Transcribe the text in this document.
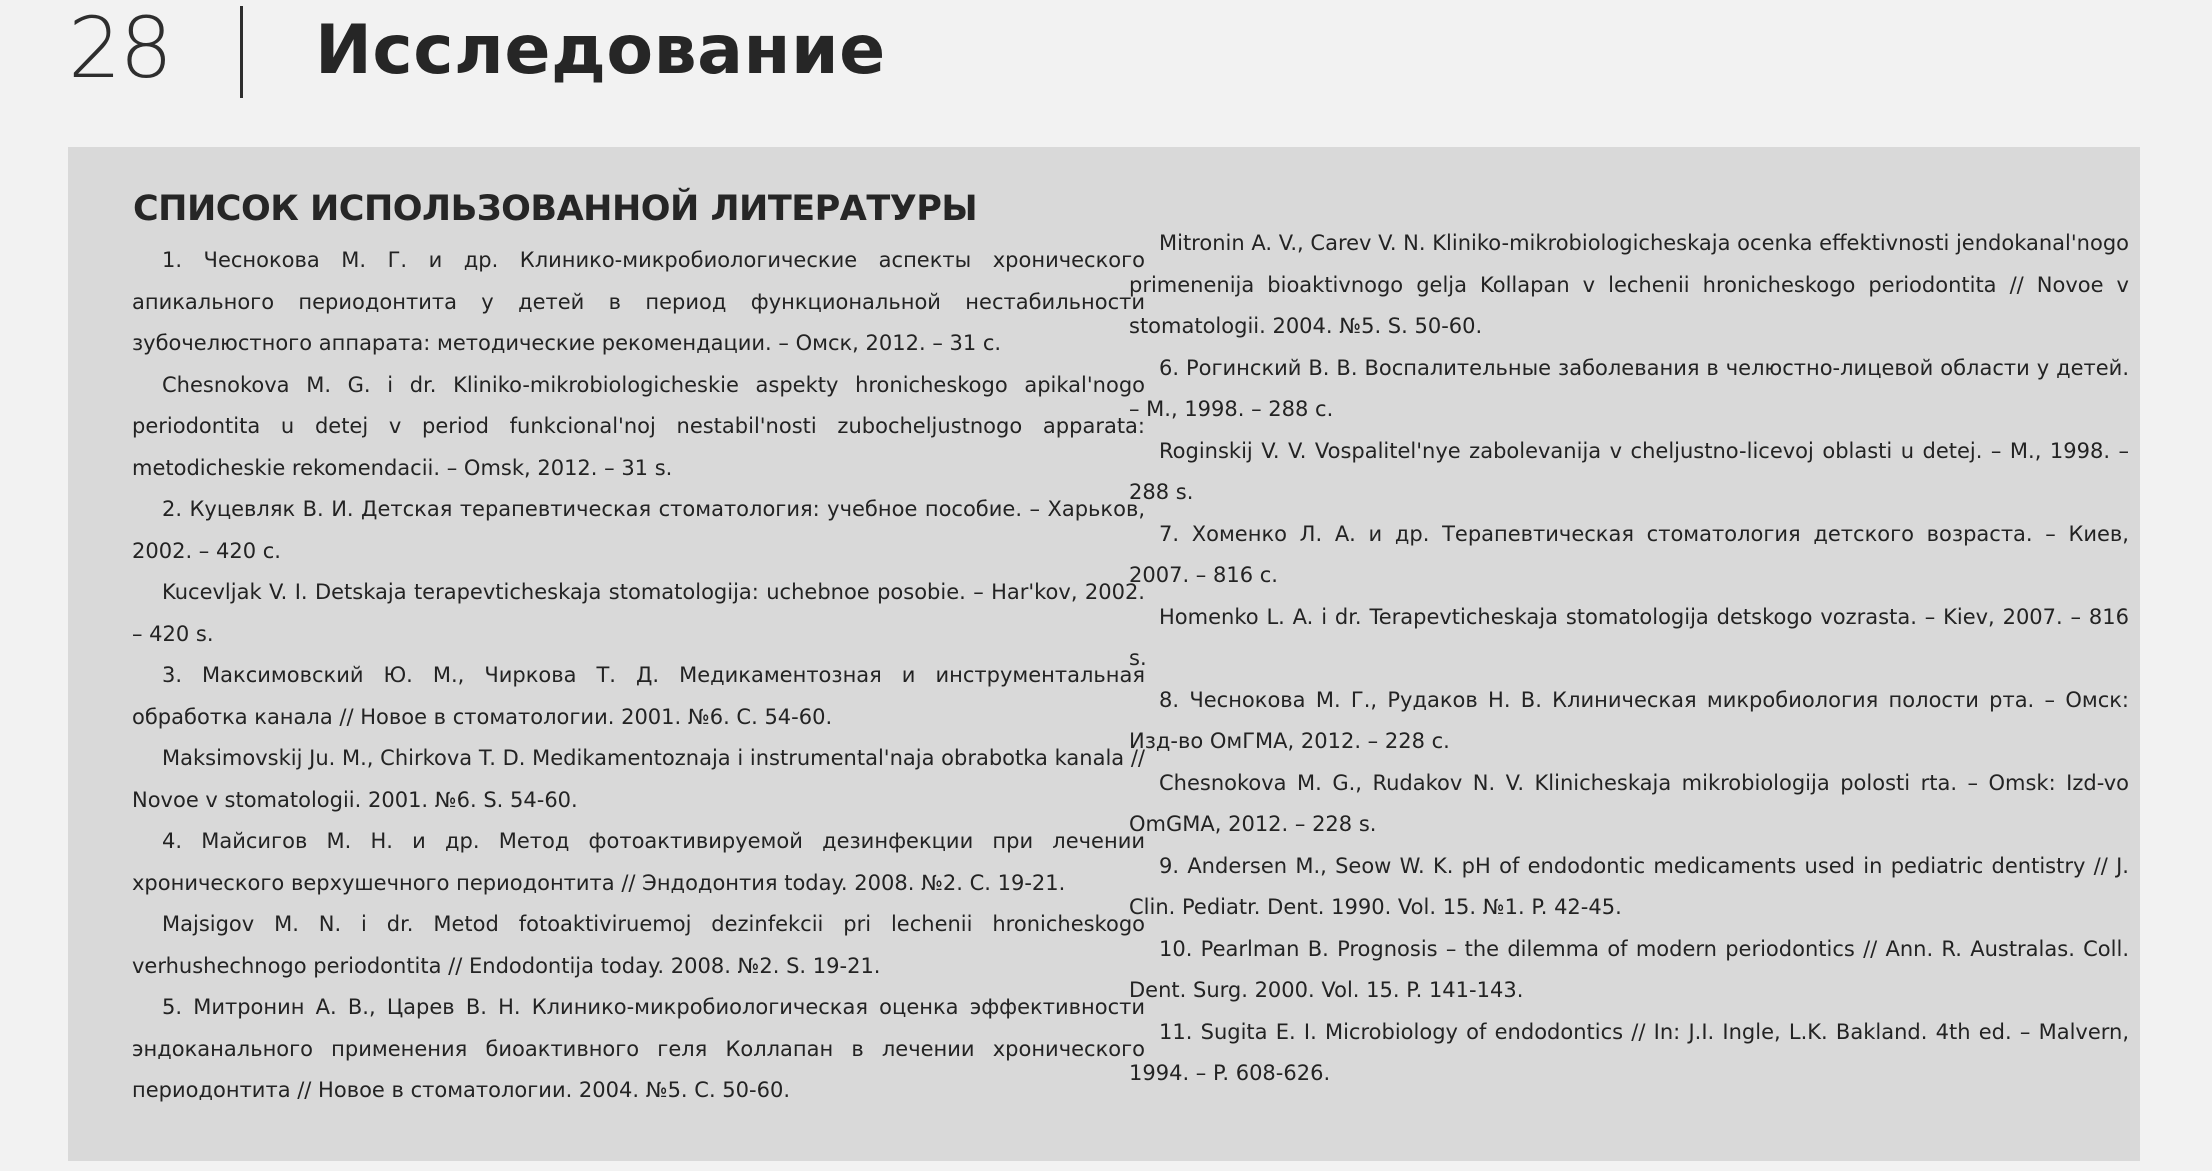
28 Исследование
СПИСОК ИСПОЛЬЗОВАННОЙ ЛИТЕРАТУРЫ

1. Чеснокова М. Г. и др. Клинико-микробиологические аспекты хронического апикального периодонтита у детей в период функциональной нестабильности зубочелюстного аппарата: методические рекомендации. – Омск, 2012. – 31 с.

Chesnokova M. G. i dr. Kliniko-mikrobiologicheskie aspekty hronicheskogo apikal'nogo periodontita u detej v period funkcional'noj nestabil'nosti zubocheljustnogo apparata: metodicheskie rekomendacii. – Omsk, 2012. – 31 s.

2. Куцевляк В. И. Детская терапевтическая стоматология: учебное пособие. – Харьков, 2002. – 420 с.

Kucevljak V. I. Detskaja terapevticheskaja stomatologija: uchebnoe posobie. – Har'kov, 2002. – 420 s.

3. Максимовский Ю. М., Чиркова Т. Д. Медикаментозная и инструментальная обработка канала // Новое в стоматологии. 2001. №6. С. 54-60.

Maksimovskij Ju. M., Chirkova T. D. Medikamentoznaja i instrumental'naja obrabotka kanala // Novoe v stomatologii. 2001. №6. S. 54-60.

4. Майсигов М. Н. и др. Метод фотоактивируемой дезинфекции при лечении хронического верхушечного периодонтита // Эндодонтия today. 2008. №2. С. 19-21.

Majsigov M. N. i dr. Metod fotoaktiviruemoj dezinfekcii pri lechenii hronicheskogo verhushechnogo periodontita // Endodontija today. 2008. №2. S. 19-21.

5. Митронин А. В., Царев В. Н. Клинико-микробиологическая оценка эффективности эндоканального применения биоактивного геля Коллапан в лечении хронического периодонтита // Новое в стоматологии. 2004. №5. С. 50-60.

Mitronin A. V., Carev V. N. Kliniko-mikrobiologicheskaja ocenka effektivnosti jendokanal'nogo primenenija bioaktivnogo gelja Kollapan v lechenii hronicheskogo periodontita // Novoe v stomatologii. 2004. №5. S. 50-60.

6. Рогинский В. В. Воспалительные заболевания в челюстно-лицевой области у детей. – М., 1998. – 288 с.

Roginskij V. V. Vospalitel'nye zabolevanija v cheljustno-licevoj oblasti u detej. – M., 1998. – 288 s.

7. Хоменко Л. А. и др. Терапевтическая стоматология детского возраста. – Киев, 2007. – 816 с.

Homenko L. A. i dr. Terapevticheskaja stomatologija detskogo vozrasta. – Kiev, 2007. – 816 s.

8. Чеснокова М. Г., Рудаков Н. В. Клиническая микробиология полости рта. – Омск: Изд-во ОмГМА, 2012. – 228 с.

Chesnokova M. G., Rudakov N. V. Klinicheskaja mikrobiologija polosti rta. – Omsk: Izd-vo OmGMA, 2012. – 228 s.

9. Andersen M., Seow W. K. pH of endodontic medicaments used in pediatric dentistry // J. Clin. Pediatr. Dent. 1990. Vol. 15. №1. P. 42-45.

10. Pearlman B. Prognosis – the dilemma of modern periodontics // Ann. R. Australas. Coll. Dent. Surg. 2000. Vol. 15. P. 141-143.

11. Sugita E. I. Microbiology of endodontics // In: J.I. Ingle, L.K. Bakland. 4th ed. – Malvern, 1994. – P. 608-626.
